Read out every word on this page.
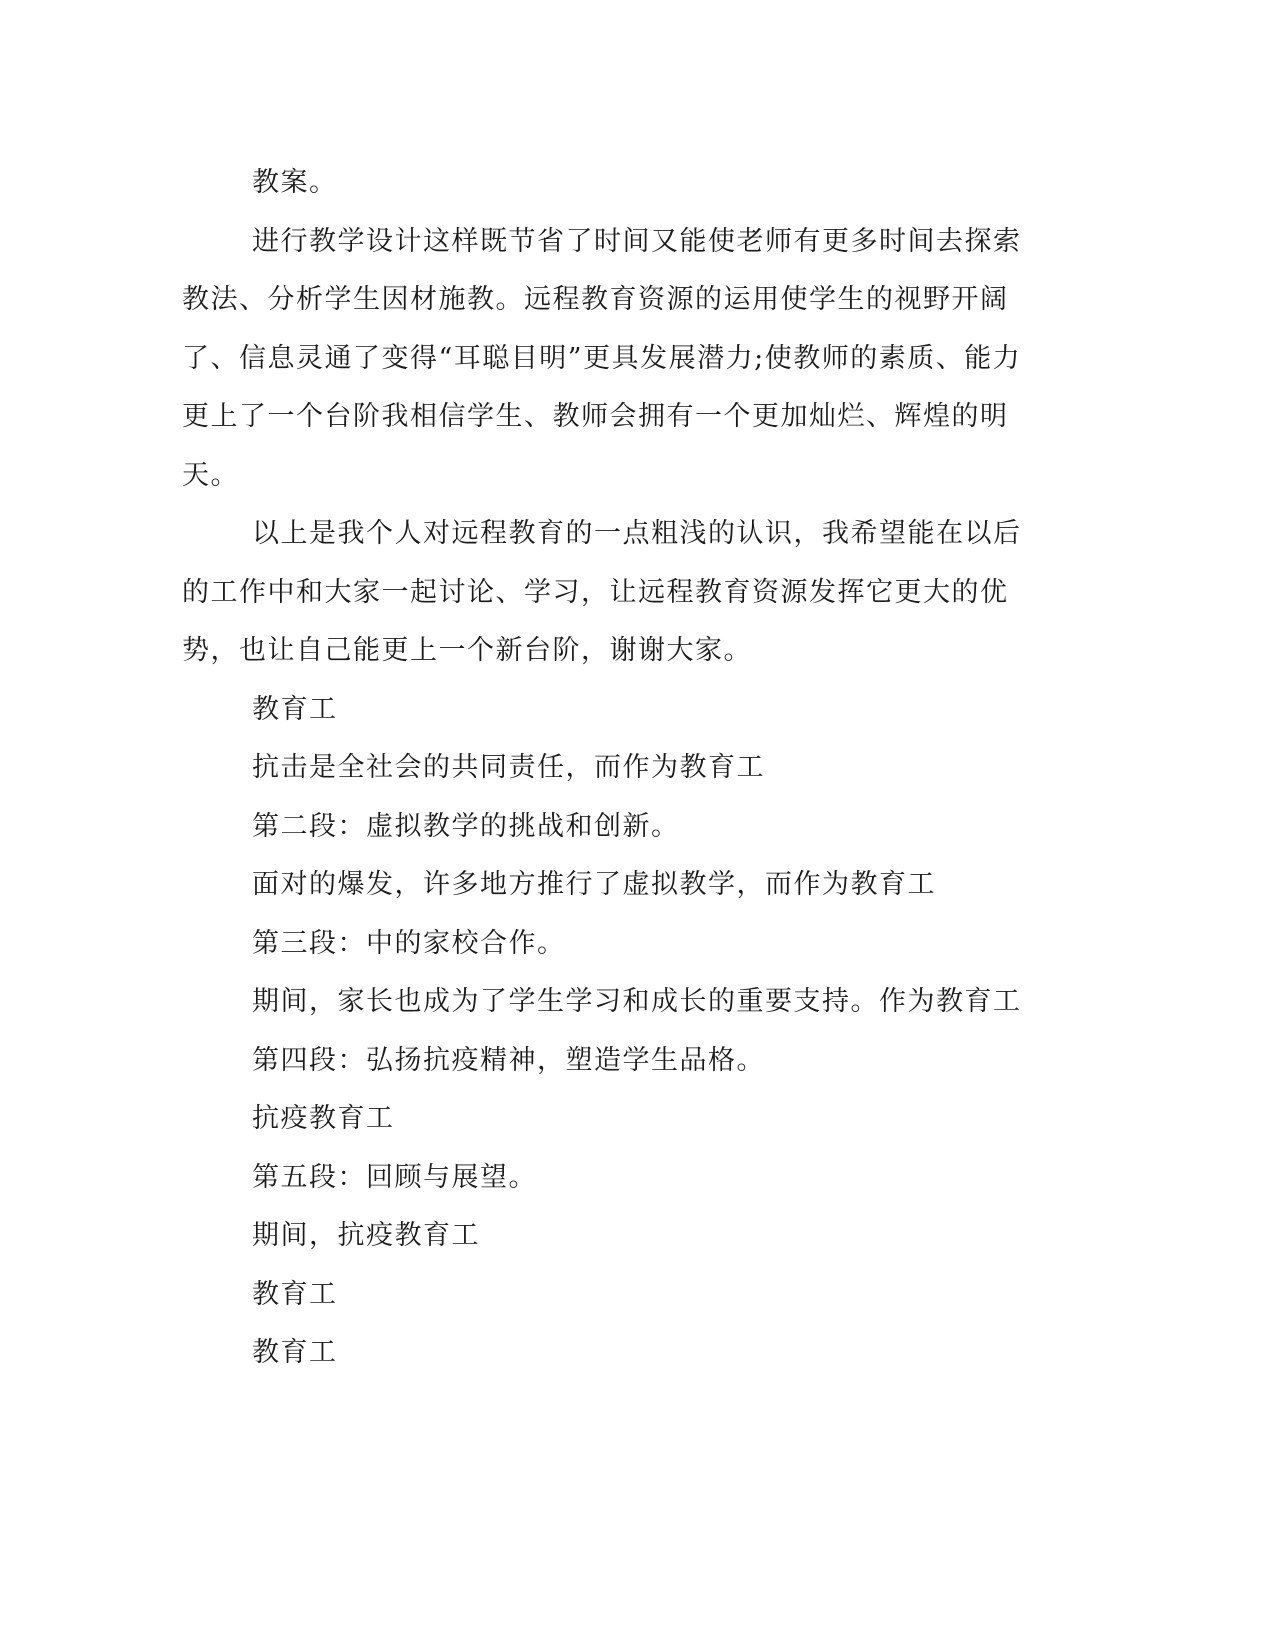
教案。

进行教学设计这样既节省了时间又能使老师有更多时间去探索教法、分析学生因材施教。远程教育资源的运用使学生的视野开阔了、信息灵通了变得“耳聪目明”更具发展潜力;使教师的素质、能力更上了一个台阶我相信学生、教师会拥有一个更加灿烂、辉煌的明天。

以上是我个人对远程教育的一点粗浅的认识，我希望能在以后的工作中和大家一起讨论、学习，让远程教育资源发挥它更大的优势，也让自己能更上一个新台阶，谢谢大家。

教育工

抗击是全社会的共同责任，而作为教育工

第二段：虚拟教学的挑战和创新。

面对的爆发，许多地方推行了虚拟教学，而作为教育工

第三段：中的家校合作。

期间，家长也成为了学生学习和成长的重要支持。作为教育工

第四段：弘扬抗疫精神，塑造学生品格。

抗疫教育工

第五段：回顾与展望。

期间，抗疫教育工

教育工

教育工
